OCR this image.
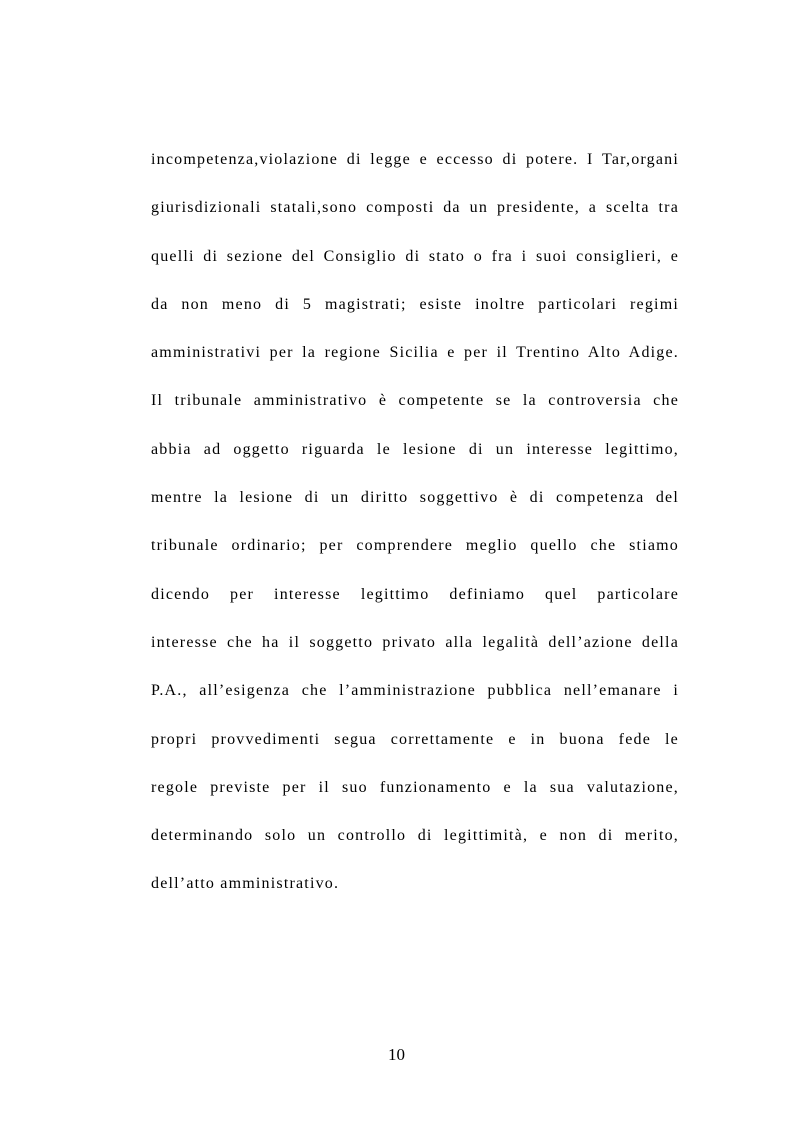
incompetenza,violazione di legge e eccesso di potere. I Tar,organi
giurisdizionali statali,sono composti da un presidente, a scelta tra
quelli di sezione del Consiglio di stato o fra i suoi consiglieri, e
da non meno di 5 magistrati; esiste inoltre particolari regimi
amministrativi per la regione Sicilia e per il Trentino Alto Adige.
Il tribunale amministrativo è competente se la controversia che
abbia ad oggetto riguarda le lesione di un interesse legittimo,
mentre la lesione di un diritto soggettivo è di competenza del
tribunale ordinario; per comprendere meglio quello che stiamo
dicendo per interesse legittimo definiamo quel particolare
interesse che ha il soggetto privato alla legalità dell’azione della
P.A., all’esigenza che l’amministrazione pubblica nell’emanare i
propri provvedimenti segua correttamente e in buona fede le
regole previste per il suo funzionamento e la sua valutazione,
determinando solo un controllo di legittimità, e non di merito,
dell’atto amministrativo.
10
